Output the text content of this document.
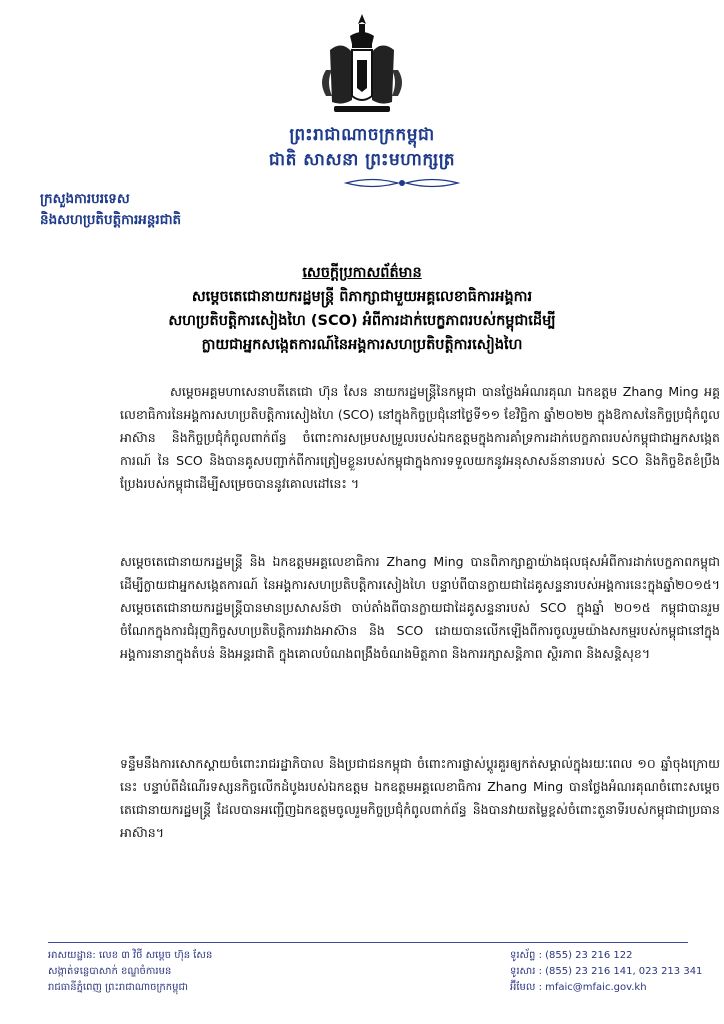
ព្រះរាជាណាចក្រកម្ពុជា
ជាតិ សាសនា ព្រះមហាក្សត្រ
ក្រសួងការបរទេស
និងសហប្រតិបត្តិការអន្តរជាតិ
សេចក្តីប្រកាសព័ត៌មាន
សម្តេចតេជោនាយករដ្ឋមន្ត្រី ពិភាក្សាជាមួយអគ្គលេខាធិការអង្គការ
សហប្រតិបត្តិការសៀងហៃ (SCO) អំពីការដាក់បេក្ខភាពរបស់កម្ពុជាដើម្បី
ក្លាយជាអ្នកសង្កេតការណ៍នៃអង្គការសហប្រតិបត្តិការសៀងហៃ
សម្តេចអគ្គមហាសេនាបតីតេជោ ហ៊ុន សែន នាយករដ្ឋមន្ត្រីនៃកម្ពុជា បានថ្លែងអំណរគុណ ឯកឧត្តម Zhang Ming អគ្គលេខាធិការនៃអង្គការសហប្រតិបត្តិការសៀងហៃ (SCO) នៅក្នុងកិច្ចប្រជុំនៅថ្ងៃទី១១ ខែវិច្ឆិកា ឆ្នាំ២០២២ ក្នុងឱកាសនៃកិច្ចប្រជុំកំពូលអាស៊ាន និងកិច្ចប្រជុំកំពូលពាក់ព័ន្ធ ចំពោះការសម្របសម្រួលរបស់ឯកឧត្តមក្នុងការគាំទ្រការដាក់បេក្ខភាពរបស់កម្ពុជាជាអ្នកសង្កេតការណ៍ នៃ SCO និងបានគូសបញ្ជាក់ពីការត្រៀមខ្លួនរបស់កម្ពុជាក្នុងការទទួលយកនូវអនុសាសន៍នានារបស់ SCO និងកិច្ចខិតខំប្រឹងប្រែងរបស់កម្ពុជាដើម្បីសម្រេចបាននូវគោលដៅនេះ ។
សម្តេចតេជោនាយករដ្ឋមន្ត្រី និង ឯកឧត្តមអគ្គលេខាធិការ Zhang Ming បានពិភាក្សាគ្នាយ៉ាងផុលផុសអំពីការដាក់បេក្ខភាពកម្ពុជាដើម្បីក្លាយជាអ្នកសង្កេតការណ៍ នៃអង្គការសហប្រតិបត្តិការសៀងហៃ បន្ទាប់ពីបានក្លាយជាដៃគូសន្ទនារបស់អង្គការនេះក្នុងឆ្នាំ២០១៥។ សម្តេចតេជោនាយករដ្ឋមន្ត្រីបានមានប្រសាសន៍ថា ចាប់តាំងពីបានក្លាយជាដៃគូសន្ទនារបស់ SCO ក្នុងឆ្នាំ ២០១៥ កម្ពុជាបានរួមចំណែកក្នុងការជំរុញកិច្ចសហប្រតិបត្តិការរវាងអាស៊ាន និង SCO ដោយបានលើកឡើងពីការចូលរួមយ៉ាងសកម្មរបស់កម្ពុជានៅក្នុងអង្គការនានាក្នុងតំបន់ និងអន្តរជាតិ ក្នុងគោលបំណងពង្រឹងចំណងមិត្តភាព និងការរក្សាសន្តិភាព ស្ថិរភាព និងសន្តិសុខ។
ទន្ទឹមនឹងការសោកស្តាយចំពោះរាជរដ្ឋាភិបាល និងប្រជាជនកម្ពុជា ចំពោះការផ្លាស់ប្តូរគួរឲ្យកត់សម្គាល់ក្នុងរយៈពេល ១០ ឆ្នាំចុងក្រោយនេះ បន្ទាប់ពីដំណើរទស្សនកិច្ចលើកដំបូងរបស់ឯកឧត្តម ឯកឧត្តមអគ្គលេខាធិការ Zhang Ming បានថ្លែងអំណរគុណចំពោះសម្តេចតេជោនាយករដ្ឋមន្ត្រី ដែលបានអញ្ជើញឯកឧត្តមចូលរួមកិច្ចប្រជុំកំពូលពាក់ព័ន្ធ និងបានវាយតម្លៃខ្ពស់ចំពោះតួនាទីរបស់កម្ពុជាជាប្រធានអាស៊ាន។
អាសយដ្ឋាន: លេខ ៣ វិថី សម្តេច ហ៊ុន សែន
សង្កាត់ទន្លេបាសាក់ ខណ្ឌចំការមន
រាជធានីភ្នំពេញ ព្រះរាជាណាចក្រកម្ពុជា
ទូរស័ព្ទ : (855) 23 216 122
ទូរសារ : (855) 23 216 141, 023 213 341
អ៊ីមែល : mfaic@mfaic.gov.kh
